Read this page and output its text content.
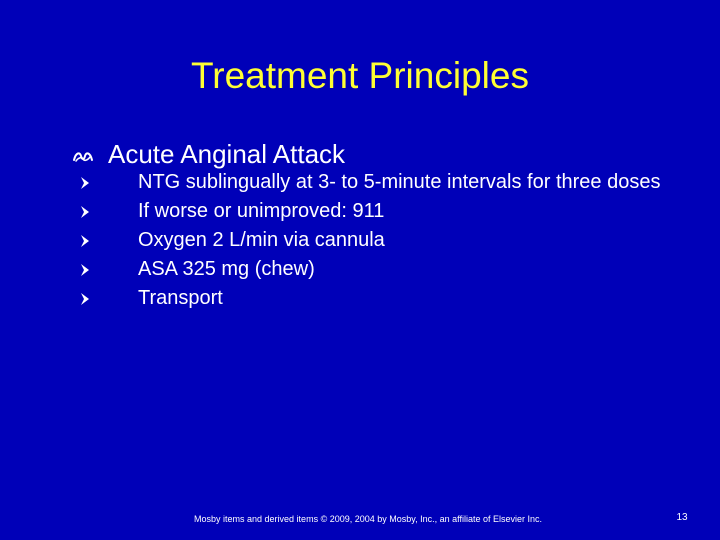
Treatment Principles
Acute Anginal Attack
NTG sublingually at 3- to 5-minute intervals for three doses
If worse or unimproved: 911
Oxygen 2 L/min via cannula
ASA 325 mg (chew)
Transport
Mosby items and derived items © 2009, 2004 by Mosby, Inc., an affiliate of Elsevier Inc.	13
